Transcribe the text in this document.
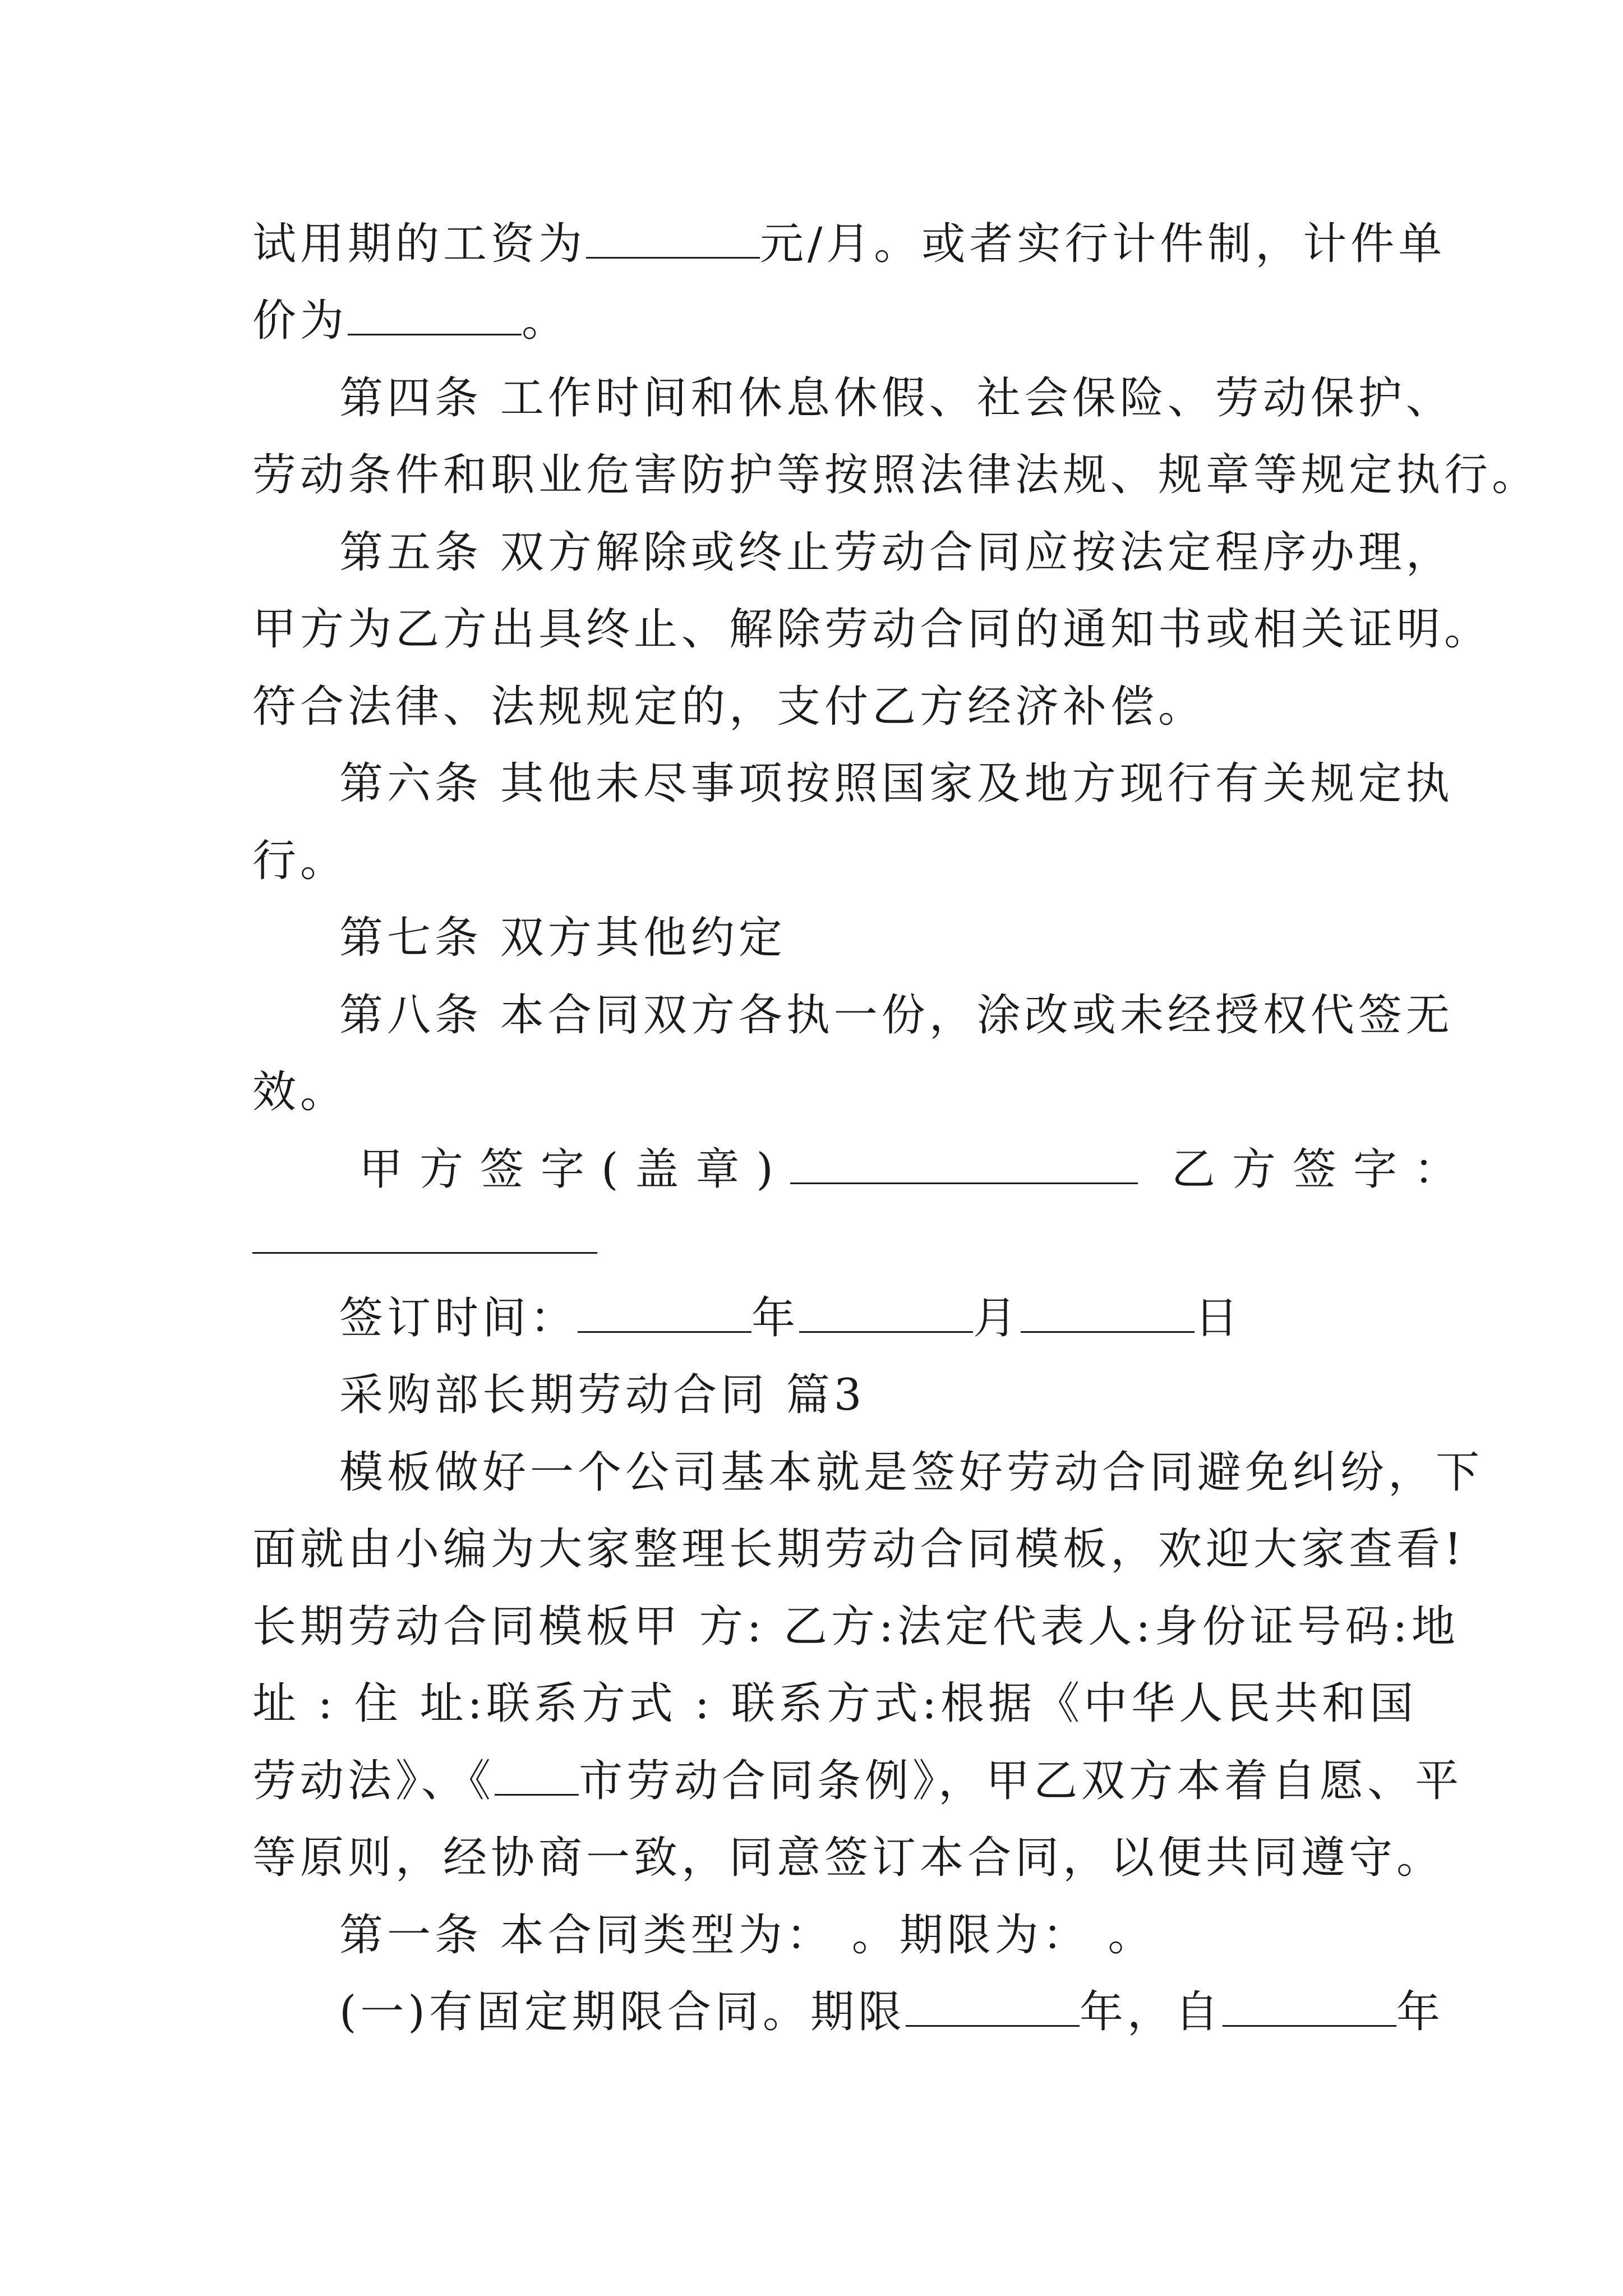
试用期的工资为	元/月。或者实行计件制，计件单
价为	。
第四条 工作时间和休息休假、社会保险、劳动保护、
劳动条件和职业危害防护等按照法律法规、规章等规定执行。
第五条 双方解除或终止劳动合同应按法定程序办理，
甲方为乙方出具终止、解除劳动合同的通知书或相关证明。
符合法律、法规规定的，支付乙方经济补偿。
第六条 其他未尽事项按照国家及地方现行有关规定执
行。
第七条 双方其他约定
第八条 本合同双方各执一份，涂改或未经授权代签无
效。
甲方签字(盖章)	乙方签字：
签订时间：	年	月	日
采购部长期劳动合同 篇3
模板做好一个公司基本就是签好劳动合同避免纠纷，下
面就由小编为大家整理长期劳动合同模板，欢迎大家查看!
长期劳动合同模板甲 方: 乙方:法定代表人:身份证号码:地
址 : 住 址:联系方式 : 联系方式:根据《中华人民共和国
劳动法》、《 市劳动合同条例》，甲乙双方本着自愿、平
等原则，经协商一致，同意签订本合同，以便共同遵守。
第一条 本合同类型为： 。期限为： 。
(一)有固定期限合同。期限	年，自	年
